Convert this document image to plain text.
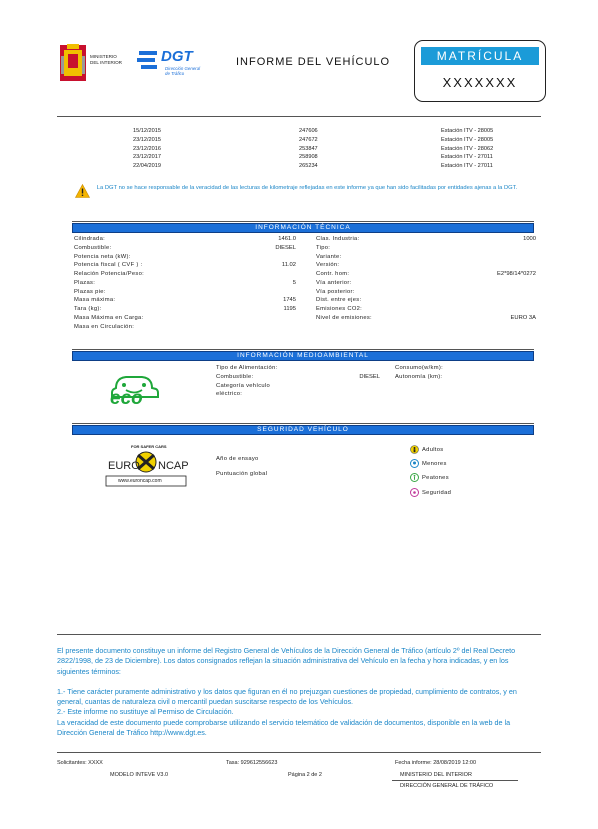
MINISTERIO
DEL INTERIOR	DGT
Dirección General
de Tráfico
INFORME DEL VEHÍCULO	MATRÍCULA
XXXXXXX
15/12/2015	247606	Estación ITV - 28005
23/12/2015	247672	Estación ITV - 28005
23/12/2016	253847	Estación ITV - 28062
23/12/2017	258908	Estación ITV - 27011
22/04/2019	265234	Estación ITV - 27011
La DGT no se hace responsable de la veracidad de las lecturas de kilometraje reflejadas en este informe ya que han sido facilitadas por entidades ajenas a la DGT.
INFORMACIÓN TÉCNICA
Cilindrada:	1461.0
Combustible:	DIESEL
Potencia neta (kW):
Potencia fiscal ( CVF ) :	11.02
Relación Potencia/Peso:
Plazas:	5
Plazas pie:
Masa máxima:	1745
Tara (kg):	1195
Masa Máxima en Carga:
Masa en Circulación:
Clas. Industria:	1000
Tipo:
Variante:
Versión:
Contr. hom:	E2*98/14*0272
Vía anterior:
Vía posterior:
Dist. entre ejes:
Emisiones CO2:
Nivel de emisiones:	EURO 3A
INFORMACIÓN MEDIOAMBIENTAL
eco
Tipo de Alimentación:
Combustible:	DIESEL
Categoría vehículo
eléctrico:
Consumo(w/km):
Autonomía (km):
SEGURIDAD VEHÍCULO
FOR SAFER CARS
EURO NCAP
www.euroncap.com
Año de ensayo
Puntuación global
Adultos
Menores
Peatones
Seguridad

El presente documento constituye un informe del Registro General de Vehículos de la Dirección General de Tráfico (artículo 2º del Real Decreto 2822/1998, de 23 de Diciembre). Los datos consignados reflejan la situación administrativa del Vehículo en la fecha y hora indicadas, y en los siguientes términos:

1.- Tiene carácter puramente administrativo y los datos que figuran en él no prejuzgan cuestiones de propiedad, cumplimiento de contratos, y en general, cuantas de naturaleza civil o mercantil puedan suscitarse respecto de los Vehículos.

2.- Este informe no sustituye al Permiso de Circulación.

La veracidad de este documento puede comprobarse utilizando el servicio telemático de validación de documentos, disponible en la web de la Dirección General de Tráfico http://www.dgt.es.

Solicitantes: XXXX	Tasa: 929612556623	Fecha informe: 28/08/2019 12:00
MODELO INTEVE V3.0	Página 2 de 2	MINISTERIO DEL INTERIOR
DIRECCIÓN GENERAL DE TRÁFICO
